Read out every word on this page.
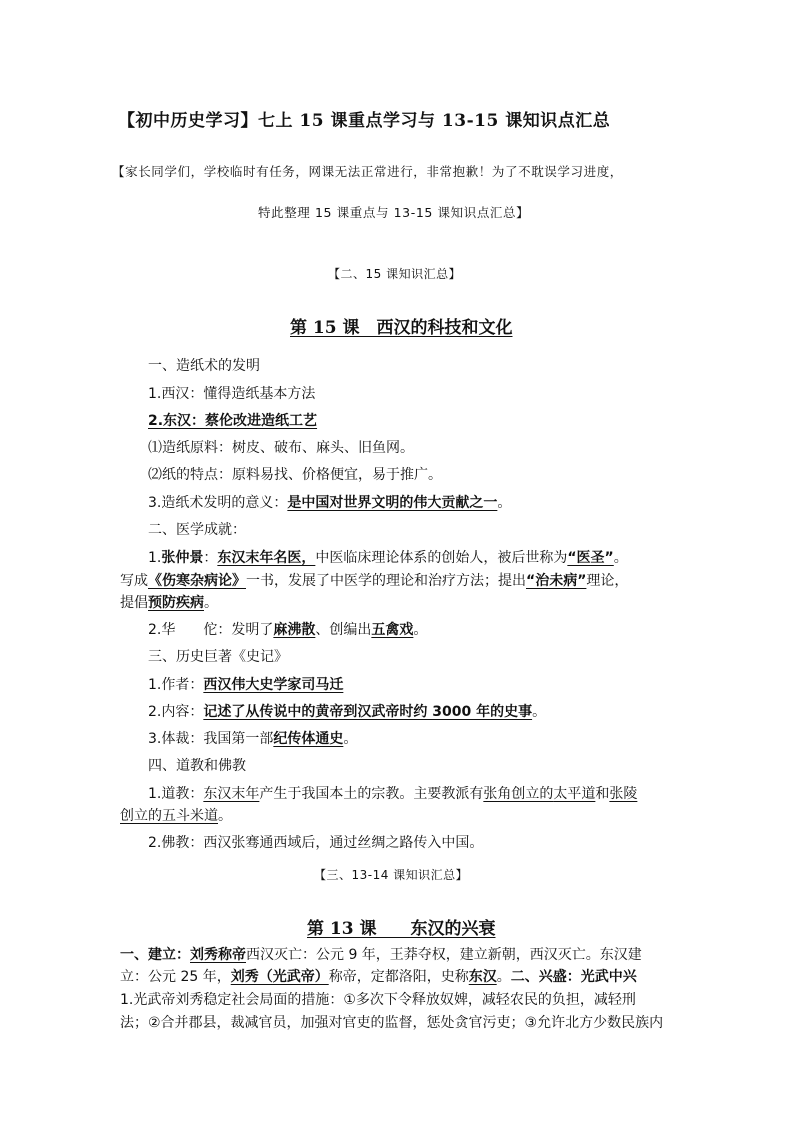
【初中历史学习】七上 15 课重点学习与 13-15 课知识点汇总
【家长同学们，学校临时有任务，网课无法正常进行，非常抱歉！为了不耽误学习进度，
特此整理 15 课重点与 13-15 课知识点汇总】
【二、15 课知识汇总】
第 15 课　西汉的科技和文化
一、造纸术的发明
1.西汉：懂得造纸基本方法
2.东汉：蔡伦改进造纸工艺
⑴造纸原料：树皮、破布、麻头、旧鱼网。
⑵纸的特点：原料易找、价格便宜，易于推广。
3.造纸术发明的意义：是中国对世界文明的伟大贡献之一。
二、医学成就：
1.张仲景：东汉末年名医，中医临床理论体系的创始人，被后世称为“医圣”。
写成《伤寒杂病论》一书，发展了中医学的理论和治疗方法；提出“治未病”理论，
提倡预防疾病。
2.华　　佗：发明了麻沸散、创编出五禽戏。
三、历史巨著《史记》
1.作者：西汉伟大史学家司马迁
2.内容：记述了从传说中的黄帝到汉武帝时约 3000 年的史事。
3.体裁：我国第一部纪传体通史。
四、道教和佛教
1.道教：东汉末年产生于我国本土的宗教。主要教派有张角创立的太平道和张陵
创立的五斗米道。
2.佛教：西汉张骞通西域后，通过丝绸之路传入中国。
【三、13-14 课知识汇总】
第 13 课　　东汉的兴衰
一、建立：刘秀称帝西汉灭亡：公元 9 年，王莽夺权，建立新朝，西汉灭亡。东汉建
立：公元 25 年，刘秀（光武帝）称帝，定都洛阳，史称东汉。二、兴盛：光武中兴
1.光武帝刘秀稳定社会局面的措施：①多次下令释放奴婢，减轻农民的负担，减轻刑
法；②合并郡县，裁减官员，加强对官吏的监督，惩处贪官污吏；③允许北方少数民族内
